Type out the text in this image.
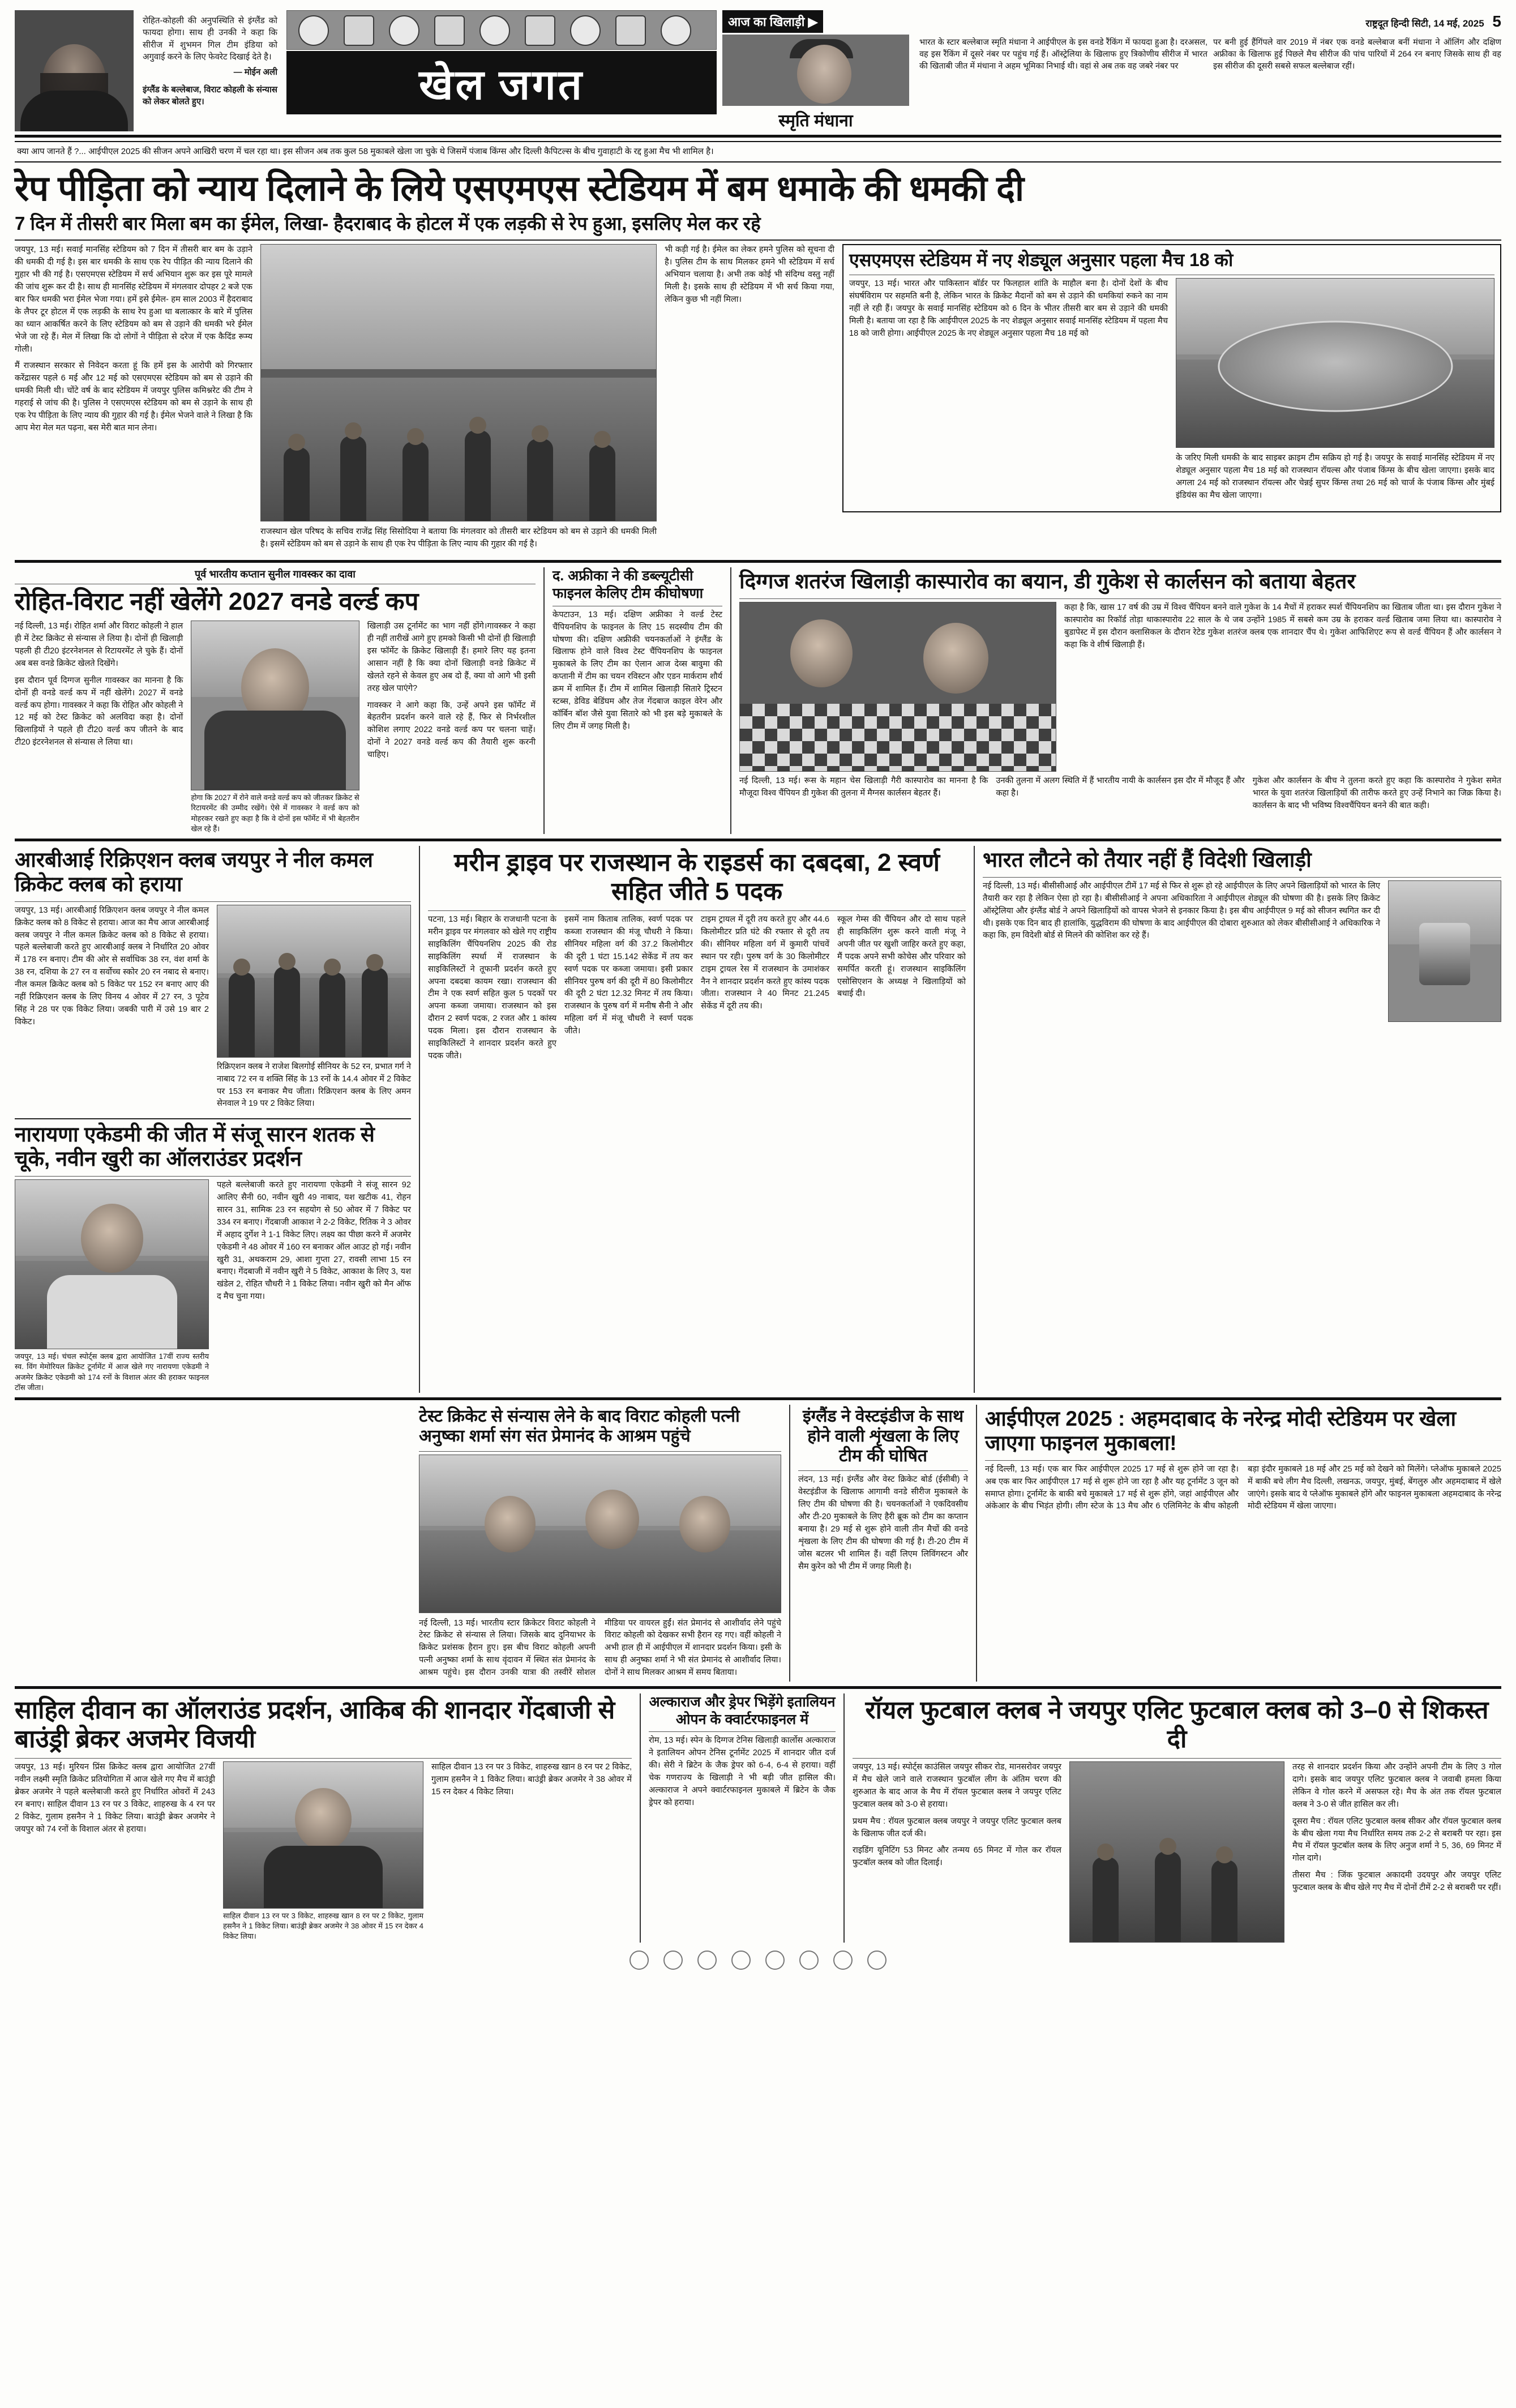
रोहित-कोहली की अनुपस्थिति से इंग्लैंड को फायदा होगा। साथ ही उनकी ने कहा कि सीरीज में शुभमन गिल टीम इंडिया को अगुवाई करने के लिए फेवरेट दिखाई देते है।
— मोईन अली
इंग्लैंड के बल्लेबाज, विराट कोहली के संन्यास को लेकर बोलते हुए।	खेल जगत
आज का खिलाड़ी ▶
स्मृति मंधाना
राष्ट्रदूत हिन्दी सिटी, 14 मई, 2025 5
भारत के स्टार बल्लेबाज स्मृति मंधाना ने आईपीएल के इस वनडे रैंकिंग में फायदा हुआ है। दरअसल, वह इस रैंकिंग में दूसरे नंबर पर पहुंच गई हैं। ऑस्ट्रेलिया के खिलाफ हुए त्रिकोणीय सीरीज में भारत की खिताबी जीत में मंधाना ने अहम भूमिका निभाई थी। वहां से अब तक वह जबरे नंबर पर
पर बनी हुई हैंगिंपले वार 2019 में नंबर एक वनडे बल्लेबाज बनीं मंधाना ने ऑलिंग और दक्षिण अफ्रीका के खिलाफ हुई पिछले मैच सीरीज की पांच पारियों में 264 रन बनाए जिसके साथ ही वह इस सीरीज की दूसरी सबसे सफल बल्लेबाज रहीं।
क्या आप जानते हैं ?... आईपीएल 2025 की सीजन अपने आखिरी चरण में चल रहा था। इस सीजन अब तक कुल 58 मुकाबले खेला जा चुके थे जिसमें पंजाब किंग्स और दिल्ली कैपिटल्स के बीच गुवाहाटी के रद्द हुआ मैच भी शामिल है।
रेप पीड़िता को न्याय दिलाने के लिये एसएमएस स्टेडियम में बम धमाके की धमकी दी
7 दिन में तीसरी बार मिला बम का ईमेल, लिखा- हैदराबाद के होटल में एक लड़की से रेप हुआ, इसलिए मेल कर रहे

जयपुर, 13 मई। सवाई मानसिंह स्टेडियम को 7 दिन में तीसरी बार बम के उड़ाने की धमकी दी गई है। इस बार धमकी के साथ एक रेप पीड़ित की न्याय दिलाने की गुहार भी की गई है। एसएमएस स्टेडियम में सर्च अभियान शुरू कर इस पूरे मामले की जांच शुरू कर दी है। साथ ही मानसिंह स्टेडियम में मंगलवार दोपहर 2 बजे एक बार फिर धमकी भरा ईमेल भेजा गया। हमें इसे ईमेल- हम साल 2003 में हैदराबाद के लैपर टूर होटल में एक लड़की के साथ रेप हुआ था बलात्कार के बारे में पुलिस का ध्यान आकर्षित करने के लिए स्टेडियम को बम से उड़ाने की धमकी भरे ईमेल भेजे जा रहे हैं। मेल में लिखा कि दो लोगों ने पीड़िता से दरेज में एक कैदिंड रूम्य गोली।

मैं राजस्थान सरकार से निवेदन करता हूं कि हमें इस के आरोपी को गिरफ्तार करेंद्रासर पहले 6 मई और 12 मई को एसएमएस स्टेडियम को बम से उड़ाने की धमकी मिली थी। चोंटे वर्ष के बाद स्टेडियम में जयपुर पुलिस कमिश्नरेट की टीम ने गहराई से जांच की है। पुलिस ने एसएमएस स्टेडियम को बम से उड़ाने के साथ ही एक रेप पीड़िता के लिए न्याय की गुहार की गई है। ईमेल भेजने वाले ने लिखा है कि आप मेरा मेल मत पढ़ना, बस मेरी बात मान लेना।

राजस्थान खेल परिषद के सचिव राजेंद्र सिंह सिसोदिया ने बताया कि मंगलवार को तीसरी बार स्टेडियम को बम से उड़ाने की धमकी मिली है। इसमें स्टेडियम को बम से उड़ाने के साथ ही एक रेप पीड़िता के लिए न्याय की गुहार की गई है।

भी कड़ी गई है। ईमेल का लेकर हमने पुलिस को सूचना दी है। पुलिस टीम के साथ मिलकर हमने भी स्टेडियम में सर्च अभियान चलाया है। अभी तक कोई भी संदिग्ध वस्तु नहीं मिली है। इसके साथ ही स्टेडियम में भी सर्च किया गया, लेकिन कुछ भी नहीं मिला।

एसएमएस स्टेडियम में नए शेड्यूल अनुसार पहला मैच 18 को

जयपुर, 13 मई। भारत और पाकिस्तान बॉर्डर पर फिलहाल शांति के माहौल बना है। दोनों देशों के बीच संघर्षविराम पर सहमति बनी है, लेकिन भारत के क्रिकेट मैदानों को बम से उड़ाने की धमकियां रुकने का नाम नहीं ले रही हैं। जयपुर के सवाई मानसिंह स्टेडियम को 6 दिन के भीतर तीसरी बार बम से उड़ाने की धमकी मिली है। बताया जा रहा है कि आईपीएल 2025 के नए शेड्यूल अनुसार सवाई मानसिंह स्टेडियम में पहला मैच 18 को जारी होगा। आईपीएल 2025 के नए शेड्यूल अनुसार पहला मैच 18 मई को

के जरिए मिली धमकी के बाद साइबर क्राइम टीम सक्रिय हो गई है। जयपुर के सवाई मानसिंह स्टेडियम में नए शेड्यूल अनुसार पहला मैच 18 मई को राजस्थान रॉयल्स और पंजाब किंग्स के बीच खेला जाएगा। इसके बाद अगला 24 मई को राजस्थान रॉयल्स और चेन्नई सुपर किंग्स तथा 26 मई को चार्ज के पंजाब किंग्स और मुंबई इंडियंस का मैच खेला जाएगा।

पूर्व भारतीय कप्तान सुनील गावस्कर का दावा
रोहित-विराट नहीं खेलेंगे 2027 वनडे वर्ल्ड कप

नई दिल्ली, 13 मई। रोहित शर्मा और विराट कोहली ने हाल ही में टेस्ट क्रिकेट से संन्यास ले लिया है। दोनों ही खिलाड़ी पहली ही टी20 इंटरनेशनल से रिटायरमेंट ले चुके हैं। दोनों अब बस वनडे क्रिकेट खेलते दिखेंगे।

इस दौरान पूर्व दिग्गज सुनील गावस्कर का मानना है कि दोनों ही वनडे वर्ल्ड कप में नहीं खेलेंगे। 2027 में वनडे वर्ल्ड कप होगा। गावस्कर ने कहा कि रोहित और कोहली ने 12 मई को टेस्ट क्रिकेट को अलविदा कहा है। दोनों खिलाड़ियों ने पहले ही टी20 वर्ल्ड कप जीतने के बाद टी20 इंटरनेशनल से संन्यास ले लिया था।

होगा कि 2027 में रोने वाले वनडे वर्ल्ड कप को जीतकर क्रिकेट से रिटायरमेंट की उम्मीद रखेंगे। ऐसे में गावस्कर ने वर्ल्ड कप को मोहरकर रखते हुए कहा है कि वे दोनों इस फॉर्मेट में भी बेहतरीन खेल रहे हैं।

खिलाड़ी उस टूर्नामेंट का भाग नहीं होंगे।गावस्कर ने कहा ही नहीं तारीखें आगे हुए हमको किसी भी दोनों ही खिलाड़ी इस फॉर्मेट के क्रिकेट खिलाड़ी हैं। हमारे लिए यह इतना आसान नहीं है कि क्या दोनों खिलाड़ी वनडे क्रिकेट में खेलते रहने से केवल हुए अब दो हैं, क्या वो आगे भी इसी तरह खेल पाएंगे?

गावस्कर ने आगे कहा कि, उन्हें अपने इस फॉर्मेट में बेहतरीन प्रदर्शन करने वाले रहे हैं, फिर से निर्भरशील कोशिश लगाए 2022 वनडे वर्ल्ड कप पर चलना चाहें। दोनों ने 2027 वनडे वर्ल्ड कप की तैयारी शुरू करनी चाहिए।

द. अफ्रीका ने की डब्ल्यूटीसी फाइनल केलिए टीम कीघोषणा

केपटाउन, 13 मई। दक्षिण अफ्रीका ने वर्ल्ड टेस्ट चैंपियनशिप के फाइनल के लिए 15 सदस्यीय टीम की घोषणा की। दक्षिण अफ्रीकी चयनकर्ताओं ने इंग्लैंड के खिलाफ होने वाले विश्व टेस्ट चैंपियनशिप के फाइनल मुकाबले के लिए टीम का ऐलान आज देव्स बावुमा की कप्तानी में टीम का चयन रविस्टन और एडन मार्कराम शौर्य क्रम में शामिल हैं। टीम में शामिल खिलाड़ी सितारे ट्रिस्टन स्टब्स, डेविड बेडिंघम और तेज गेंदबाज काइल वेरेन और कॉर्बिन बॉश जैसे युवा सितारे को भी इस बड़े मुकाबले के लिए टीम में जगह मिली है।

दिग्गज शतरंज खिलाड़ी कास्पारोव का बयान, डी गुकेश से कार्लसन को बताया बेहतर

कहा है कि, खास 17 वर्ष की उम्र में विश्व चैंपियन बनने वाले गुकेश के 14 मैचों में हराकर स्पर्श चैंपियनशिप का खिताब जीता था। इस दौरान गुकेश ने कास्पारोव का रिकॉर्ड तोड़ा थाकास्पारोव 22 साल के थे जब उन्होंने 1985 में सबसे कम उम्र के हराकर वर्ल्ड खिताब जमा लिया था। कास्पारोव ने बुडापेस्ट में इस दौरान क्लासिकल के दौरान रेटेड गुकेश शतरंज क्लब एक शानदार चैंप थे। गुकेश आफिशिएट रूप से वर्ल्ड चैंपियन हैं और कार्लसन ने कहा कि वे शीर्ष खिलाड़ी हैं।

नई दिल्ली, 13 मई। रूस के महान चेस खिलाड़ी गैरी कास्पारोव का मानना है कि मौजूदा विश्व चैंपियन डी गुकेश की तुलना में मैग्नस कार्लसन बेहतर हैं।

उनकी तुलना में अलग स्थिति में हैं भारतीय नायी के कार्लसन इस दौर में मौजूद हैं और कहा है।

गुकेश और कार्लसन के बीच ने तुलना करते हुए कहा कि कास्पारोव ने गुकेश समेत भारत के युवा शतरंज खिलाड़ियों की तारीफ करते हुए उन्हें निभाने का जिक्र किया है। कार्लसन के बाद भी भविष्य विश्वचैंपियन बनने की बात कही।

आरबीआई रिक्रिएशन क्लब जयपुर ने नील कमल क्रिकेट क्लब को हराया

जयपुर, 13 मई। आरबीआई रिक्रिएशन क्लब जयपुर ने नील कमल क्रिकेट क्लब को 8 विकेट से हराया। आज का मैच आज आरबीआई क्लब जयपुर ने नील कमल क्रिकेट क्लब को 8 विकेट से हराया। पहले बल्लेबाजी करते हुए आरबीआई क्लब ने निर्धारित 20 ओवर में 178 रन बनाए। टीम की ओर से सर्वाधिक 38 रन, वंश शर्मा के 38 रन, दशिया के 27 रन व सर्वोच्च स्कोर 20 रन नबाद से बनाए। नील कमल क्रिकेट क्लब को 5 विकेट पर 152 रन बनाए आए की नहीं रिक्रिएशन क्लब के लिए विनय 4 ओवर में 27 रन, 3 पूटेव सिंह ने 28 पर एक विकेट लिया। जबकी पारी में उसे 19 बार 2 विकेट।

रिक्रिएशन क्लब ने राजेश बिलगोई सीनियर के 52 रन, प्रभात गर्ग ने नाबाद 72 रन व शक्ति सिंह के 13 रनों के 14.4 ओवर में 2 विकेट पर 153 रन बनाकर मैच जीता। रिक्रिएशन क्लब के लिए अमन सेनवाल ने 19 पर 2 विकेट लिया।

नारायणा एकेडमी की जीत में संजू सारन शतक से चूके, नवीन खुरी का ऑलराउंडर प्रदर्शन
जयपुर, 13 मई। चंचल स्पोर्ट्स क्लब द्वारा आयोजित 17वीं राज्य स्तरीय स्व. विंग मेमोरियल क्रिकेट टूर्नामेंट में आज खेले गए नारायणा एकेडमी ने अजमेर क्रिकेट एकेडमी को 174 रनों के विशाल अंतर की हराकर फाइनल टॉस जीता।

पहले बल्लेबाजी करते हुए नारायणा एकेडमी ने संजू सारन 92 आलिए सैनी 60, नवीन खुरी 49 नाबाद, यश खटीक 41, रोहन सारन 31, सामिक 23 रन सहयोग से 50 ओवर में 7 विकेट पर 334 रन बनाए। गेंदबाजी आकाश ने 2-2 विकेट, रितिक ने 3 ओवर में अहाद दुर्गेश ने 1-1 विकेट लिए। लक्ष्य का पीछा करने में अजमेर एकेडमी ने 48 ओवर में 160 रन बनाकर ऑल आउट हो गई। नवीन खुरी 31, अथकराम 29, आशा गुप्ता 27, रावसी लाभा 15 रन बनाए। गेंदबाजी में नवीन खुरी ने 5 विकेट, आकाश के लिए 3, यश खंडेल 2, रोहित चौधरी ने 1 विकेट लिया। नवीन खुरी को मैन ऑफ द मैच चुना गया।

मरीन ड्राइव पर राजस्थान के राइडर्स का दबदबा, 2 स्वर्ण सहित जीते 5 पदक

पटना, 13 मई। बिहार के राजधानी पटना के मरीन ड्राइव पर मंगलवार को खेले गए राष्ट्रीय साइकिलिंग चैंपियनशिप 2025 की रोड साइकिलिंग स्पर्धा में राजस्थान के साइकिलिस्टों ने तूफानी प्रदर्शन करते हुए अपना दबदबा कायम रखा। राजस्थान की टीम ने एक स्वर्ण सहित कुल 5 पदकों पर अपना कब्जा जमाया। राजस्थान को इस दौरान 2 स्वर्ण पदक, 2 रजत और 1 कांस्य पदक मिला। इस दौरान राजस्थान के साइकिलिस्टों ने शानदार प्रदर्शन करते हुए पदक जीते।

इसमें नाम किताब तालिक, स्वर्ण पदक पर कब्जा राजस्थान की मंजू चौधरी ने किया। सीनियर महिला वर्ग की 37.2 किलोमीटर की दूरी 1 घंटा 15.142 सेकेंड में तय कर स्वर्ण पदक पर कब्जा जमाया। इसी प्रकार सीनियर पुरुष वर्ग की दूरी में 80 किलोमीटर की दूरी 2 घंटा 12.32 मिनट में तय किया। राजस्थान के पुरुष वर्ग में मनीष सैनी ने और महिला वर्ग में मंजू चौधरी ने स्वर्ण पदक जीते।

टाइम ट्रायल में दूरी तय करते हुए और 44.6 किलोमीटर प्रति घंटे की रफ्तार से दूरी तय की। सीनियर महिला वर्ग में कुमारी पांचवें स्थान पर रही। पुरुष वर्ग के 30 किलोमीटर टाइम ट्रायल रेस में राजस्थान के उमाशंकर नैन ने शानदार प्रदर्शन करते हुए कांस्य पदक जीता। राजस्थान ने 40 मिनट 21.245 सेकेंड में दूरी तय की।

स्कूल गेम्स की चैंपियन और दो साथ पहले ही साइकिलिंग शुरू करने वाली मंजू ने अपनी जीत पर खुशी जाहिर करते हुए कहा, मैं पदक अपने सभी कोचेस और परिवार को समर्पित करती हूं। राजस्थान साइकिलिंग एसोसिएशन के अध्यक्ष ने खिलाड़ियों को बधाई दी।

भारत लौटने को तैयार नहीं हैं विदेशी खिलाड़ी

नई दिल्ली, 13 मई। बीसीसीआई और आईपीएल टीमें 17 मई से फिर से शुरू हो रहे आईपीएल के लिए अपने खिलाड़ियों को भारत के लिए तैयारी कर रहा है लेकिन ऐसा हो रहा है। बीसीसीआई ने अपना अधिकारिता ने आईपीएल शेड्यूल की घोषणा की है। इसके लिए क्रिकेट ऑस्ट्रेलिया और इंग्लैंड बोर्ड ने अपने खिलाड़ियों को वापस भेजने से इनकार किया है। इस बीच आईपीएल 9 मई को सीजन स्थगित कर दी थी। इसके एक दिन बाद ही हालांकि, युद्धविराम की घोषणा के बाद आईपीएल की दोबारा शुरुआत को लेकर बीसीसीआई ने अधिकारिक ने कहा कि, हम विदेशी बोर्ड से मिलने की कोशिश कर रहे हैं।

टेस्ट क्रिकेट से संन्यास लेने के बाद विराट कोहली पत्नी अनुष्का शर्मा संग संत प्रेमानंद के आश्रम पहुंचे

नई दिल्ली, 13 मई। भारतीय स्टार क्रिकेटर विराट कोहली ने टेस्ट क्रिकेट से संन्यास ले लिया। जिसके बाद दुनियाभर के क्रिकेट प्रशंसक हैरान हुए। इस बीच विराट कोहली अपनी पत्नी अनुष्का शर्मा के साथ वृंदावन में स्थित संत प्रेमानंद के आश्रम पहुंचे। इस दौरान उनकी यात्रा की तस्वीरें सोशल मीडिया पर वायरल हुईं। संत प्रेमानंद से आशीर्वाद लेने पहुंचे विराट कोहली को देखकर सभी हैरान रह गए। वहीं कोहली ने अभी हाल ही में आईपीएल में शानदार प्रदर्शन किया। इसी के साथ ही अनुष्का शर्मा ने भी संत प्रेमानंद से आशीर्वाद लिया। दोनों ने साथ मिलकर आश्रम में समय बिताया।

इंग्लैंड ने वेस्टइंडीज के साथ होने वाली शृंखला के लिए टीम की घोषित

लंदन, 13 मई। इंग्लैंड और वेस्ट क्रिकेट बोर्ड (ईसीबी) ने वेस्टइंडीज के खिलाफ आगामी वनडे सीरीज मुकाबले के लिए टीम की घोषणा की है। चयनकर्ताओं ने एकदिवसीय और टी-20 मुकाबले के लिए हैरी ब्रूक को टीम का कप्तान बनाया है। 29 मई से शुरू होने वाली तीन मैचों की वनडे शृंखला के लिए टीम की घोषणा की गई है। टी-20 टीम में जोस बटलर भी शामिल हैं। वहीं लिएम लिविंगस्टन और सैम कुरेन को भी टीम में जगह मिली है।

आईपीएल 2025 : अहमदाबाद के नरेन्द्र मोदी स्टेडियम पर खेला जाएगा फाइनल मुकाबला!

नई दिल्ली, 13 मई। एक बार फिर आईपीएल 2025 17 मई से शुरू होने जा रहा है। अब एक बार फिर आईपीएल 17 मई से शुरू होने जा रहा है और यह टूर्नामेंट 3 जून को समाप्त होगा। टूर्नामेंट के बाकी बचे मुकाबले 17 मई से शुरू होंगे, जहां आईपीएल और अंकेआर के बीच भिड़ंत होगी। लीग स्टेज के 13 मैच और 6 एलिमिनेट के बीच कोहली बड़ा इंदौर मुकाबले 18 मई और 25 मई को देखने को मिलेंगे। प्लेऑफ मुकाबले 2025 में बाकी बचे लीग मैच दिल्ली, लखनऊ, जयपुर, मुंबई, बेंगलुरु और अहमदाबाद में खेले जाएंगे। इसके बाद ये प्लेऑफ मुकाबले होंगे और फाइनल मुकाबला अहमदाबाद के नरेन्द्र मोदी स्टेडियम में खेला जाएगा।

साहिल दीवान का ऑलराउंड प्रदर्शन, आकिब की शानदार गेंदबाजी से बाउंड्री ब्रेकर अजमेर विजयी

जयपुर, 13 मई। मुरियन प्रिंस क्रिकेट क्लब द्वारा आयोजित 27वीं नवीन लक्ष्मी स्मृति क्रिकेट प्रतियोगिता में आज खेले गए मैच में बाउंड्री ब्रेकर अजमेर ने पहले बल्लेबाजी करते हुए निर्धारित ओवरों में 243 रन बनाए। साहिल दीवान 13 रन पर 3 विकेट, शाहरुख के 4 रन पर 2 विकेट, गुलाम हसनैन ने 1 विकेट लिया। बाउंड्री ब्रेकर अजमेर ने जयपुर को 74 रनों के विशाल अंतर से हराया।

साहिल दीवान 13 रन पर 3 विकेट, शाहरुख खान 8 रन पर 2 विकेट, गुलाम हसनैन ने 1 विकेट लिया। बाउंड्री ब्रेकर अजमेर ने 38 ओवर में 15 रन देकर 4 विकेट लिया।

साहिल दीवान 13 रन पर 3 विकेट, शाहरुख खान 8 रन पर 2 विकेट, गुलाम हसनैन ने 1 विकेट लिया। बाउंड्री ब्रेकर अजमेर ने 38 ओवर में 15 रन देकर 4 विकेट लिया।

अल्काराज और ड्रेपर भिड़ेंगे इतालियन ओपन के क्वार्टरफाइनल में

रोम, 13 मई। स्पेन के दिग्गज टेनिस खिलाड़ी कार्लोस अल्काराज ने इतालियन ओपन टेनिस टूर्नामेंट 2025 में शानदार जीत दर्ज की। सेरी ने ब्रिटेन के जैक ड्रेपर को 6-4, 6-4 से हराया। वहीं चेक गणराज्य के खिलाड़ी ने भी बड़ी जीत हासिल की। अल्काराज ने अपने क्वार्टरफाइनल मुकाबले में ब्रिटेन के जैक ड्रेपर को हराया।

रॉयल फुटबाल क्लब ने जयपुर एलिट फुटबाल क्लब को 3–0 से शिकस्त दी

जयपुर, 13 मई। स्पोर्ट्स काउंसिल जयपुर सीकर रोड, मानसरोवर जयपुर में मैच खेले जाने वाले राजस्थान फुटबॉल लीग के अंतिम चरण की शुरुआत के बाद आज के मैच में रॉयल फुटबाल क्लब ने जयपुर एलिट फुटबाल क्लब को 3-0 से हराया।

प्रथम मैच : रॉयल फुटबाल क्लब जयपुर ने जयपुर एलिट फुटबाल क्लब के खिलाफ जीत दर्ज की।

राइडिंग यूनिटिंग 53 मिनट और तन्मय 65 मिनट में गोल कर रॉयल फुटबॉल क्लब को जीत दिलाई।

तरह से शानदार प्रदर्शन किया और उन्होंने अपनी टीम के लिए 3 गोल दागे। इसके बाद जयपुर एलिट फुटबाल क्लब ने जवाबी हमला किया लेकिन वे गोल करने में असफल रहे। मैच के अंत तक रॉयल फुटबाल क्लब ने 3-0 से जीत हासिल कर ली।

दूसरा मैच : रॉयल एलिट फुटबाल क्लब सीकर और रॉयल फुटबाल क्लब के बीच खेला गया मैच निर्धारित समय तक 2-2 से बराबरी पर रहा। इस मैच में रॉयल फुटबॉल क्लब के लिए अनुज शर्मा ने 5, 36, 69 मिनट में गोल दागे।

तीसरा मैच : जिंक फुटबाल अकादमी उदयपुर और जयपुर एलिट फुटबाल क्लब के बीच खेले गए मैच में दोनों टीमें 2-2 से बराबरी पर रहीं।
